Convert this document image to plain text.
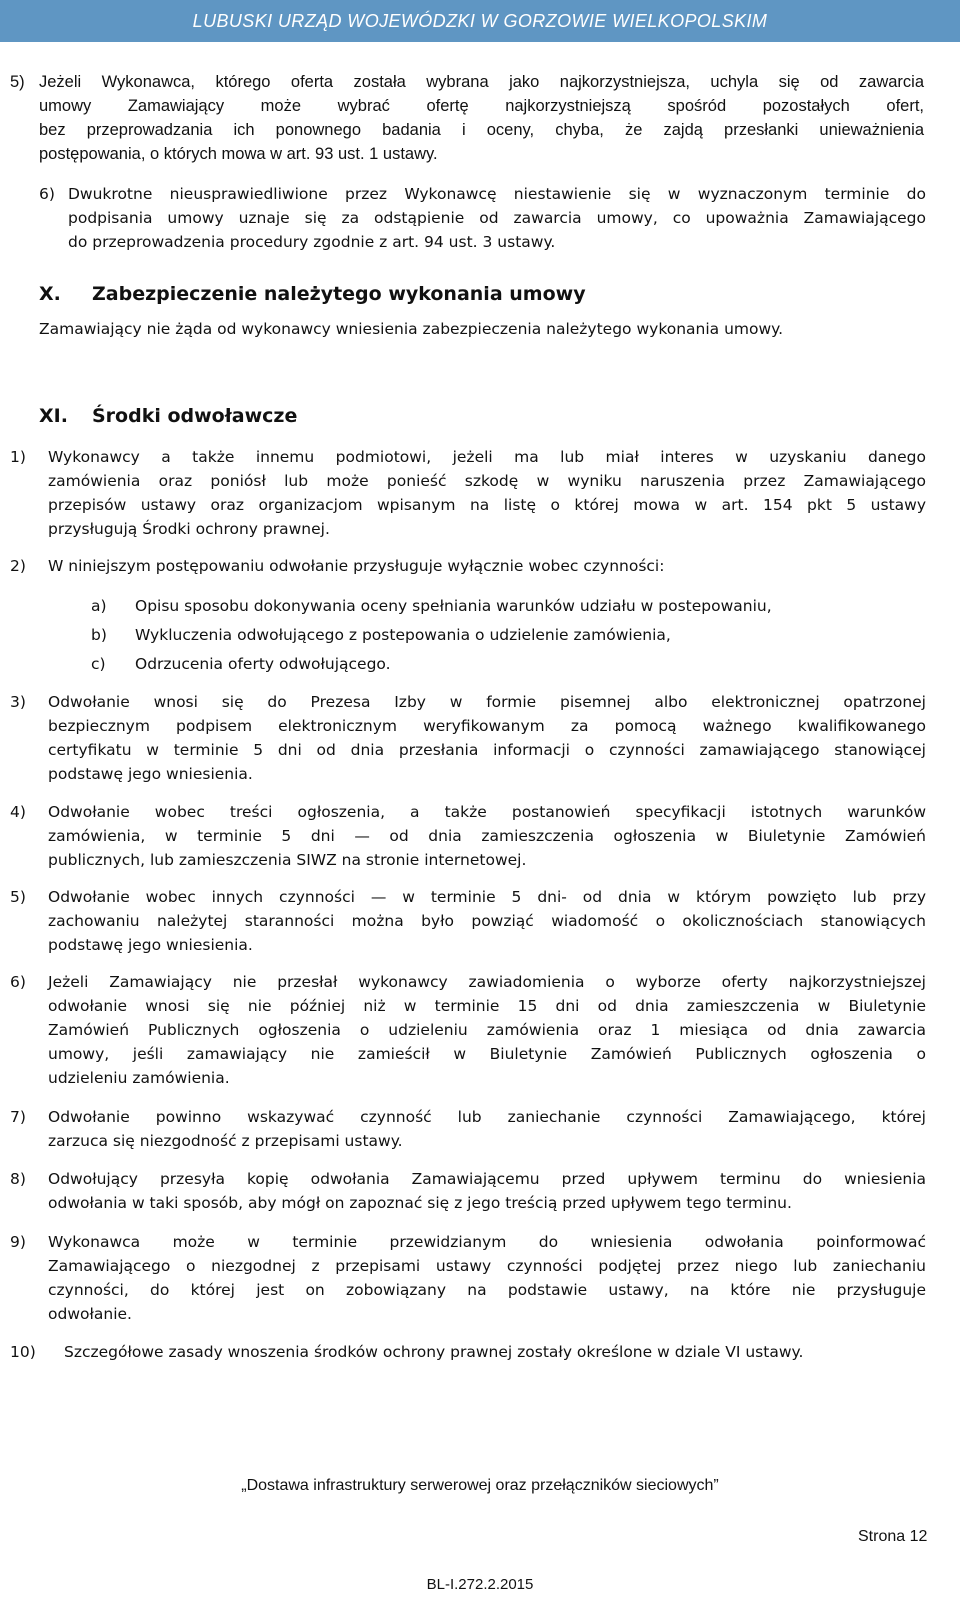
LUBUSKI URZĄD WOJEWÓDZKI W GORZOWIE WIELKOPOLSKIM
5) Jeżeli Wykonawca, którego oferta została wybrana jako najkorzystniejsza, uchyla się od zawarcia
umowy Zamawiający może wybrać ofertę najkorzystniejszą spośród pozostałych ofert,
bez przeprowadzania ich ponownego badania i oceny, chyba, że zajdą przesłanki unieważnienia
postępowania, o których mowa w art. 93 ust. 1 ustawy.
6) Dwukrotne nieusprawiedliwione przez Wykonawcę niestawienie się w wyznaczonym terminie do
podpisania umowy uznaje się za odstąpienie od zawarcia umowy, co upoważnia Zamawiającego
do przeprowadzenia procedury zgodnie z art. 94 ust. 3 ustawy.
X. Zabezpieczenie należytego wykonania umowy
Zamawiający nie żąda od wykonawcy wniesienia zabezpieczenia należytego wykonania umowy.
XI. Środki odwoławcze
1) Wykonawcy a także innemu podmiotowi, jeżeli ma lub miał interes w uzyskaniu danego
zamówienia oraz poniósł lub może ponieść szkodę w wyniku naruszenia przez Zamawiającego
przepisów ustawy oraz organizacjom wpisanym na listę o której mowa w art. 154 pkt 5 ustawy
przysługują Środki ochrony prawnej.
2) W niniejszym postępowaniu odwołanie przysługuje wyłącznie wobec czynności:
a) Opisu sposobu dokonywania oceny spełniania warunków udziału w postepowaniu,
b) Wykluczenia odwołującego z postepowania o udzielenie zamówienia,
c) Odrzucenia oferty odwołującego.
3) Odwołanie wnosi się do Prezesa Izby w formie pisemnej albo elektronicznej opatrzonej
bezpiecznym podpisem elektronicznym weryfikowanym za pomocą ważnego kwalifikowanego
certyfikatu w terminie 5 dni od dnia przesłania informacji o czynności zamawiającego stanowiącej
podstawę jego wniesienia.
4) Odwołanie wobec treści ogłoszenia, a także postanowień specyfikacji istotnych warunków
zamówienia, w terminie 5 dni — od dnia zamieszczenia ogłoszenia w Biuletynie Zamówień
publicznych, lub zamieszczenia SIWZ na stronie internetowej.
5) Odwołanie wobec innych czynności — w terminie 5 dni- od dnia w którym powzięto lub przy
zachowaniu należytej staranności można było powziąć wiadomość o okolicznościach stanowiących
podstawę jego wniesienia.
6) Jeżeli Zamawiający nie przesłał wykonawcy zawiadomienia o wyborze oferty najkorzystniejszej
odwołanie wnosi się nie później niż w terminie 15 dni od dnia zamieszczenia w Biuletynie
Zamówień Publicznych ogłoszenia o udzieleniu zamówienia oraz 1 miesiąca od dnia zawarcia
umowy, jeśli zamawiający nie zamieścił w Biuletynie Zamówień Publicznych ogłoszenia o
udzieleniu zamówienia.
7) Odwołanie powinno wskazywać czynność lub zaniechanie czynności Zamawiającego, której
zarzuca się niezgodność z przepisami ustawy.
8) Odwołujący przesyła kopię odwołania Zamawiającemu przed upływem terminu do wniesienia
odwołania w taki sposób, aby mógł on zapoznać się z jego treścią przed upływem tego terminu.
9) Wykonawca może w terminie przewidzianym do wniesienia odwołania poinformować
Zamawiającego o niezgodnej z przepisami ustawy czynności podjętej przez niego lub zaniechaniu
czynności, do której jest on zobowiązany na podstawie ustawy, na które nie przysługuje
odwołanie.
10) Szczegółowe zasady wnoszenia środków ochrony prawnej zostały określone w dziale VI ustawy.
„Dostawa infrastruktury serwerowej oraz przełączników sieciowych”
Strona 12
BL-I.272.2.2015
